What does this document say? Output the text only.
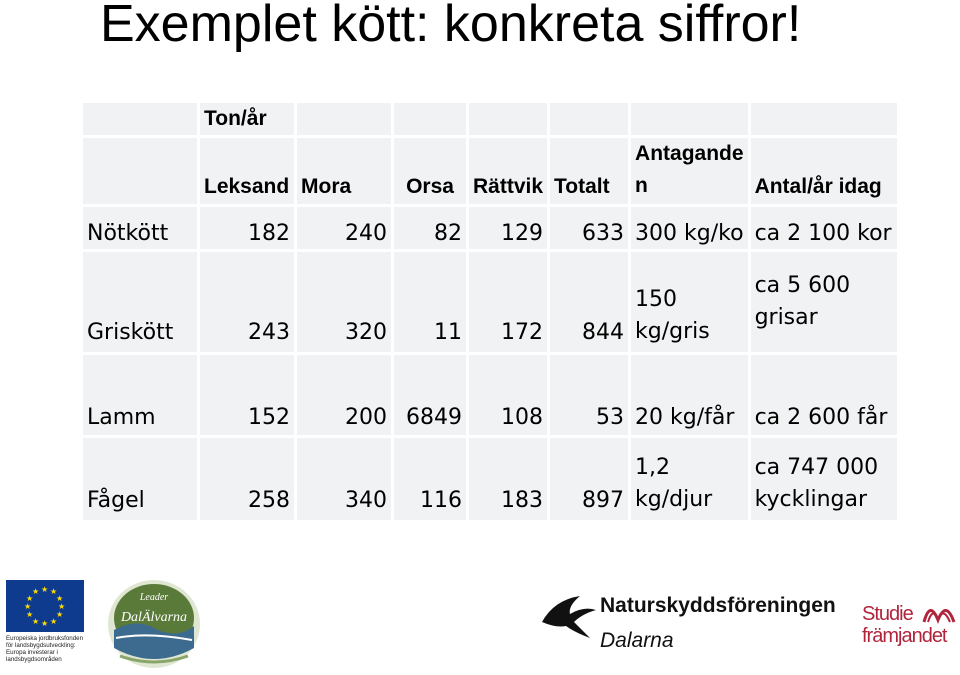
Exemplet kött: konkreta siffror!
	Ton/år						
	Leksand	Mora	Orsa	Rättvik	Totalt	Antagande n	Antal/år idag
Nötkött	182	240	82	129	633	300 kg/ko	ca 2 100 kor
Griskött	243	320	11	172	844	150 kg/gris	ca 5 600 grisar
Lamm	152	200	6849	108	53	20 kg/får	ca 2 600 får
Fågel	258	340	116	183	897	1,2 kg/djur	ca 747 000 kycklingar
★ ★
★
★
★
★
★
★
★
★
★
★
Europeiska jordbruksfonden för landsbygdsutveckling: Europa investerar i landsbygdsområden
Leader
DalÄlvarna
Naturskyddsföreningen
Dalarna
Studie
främjandet
